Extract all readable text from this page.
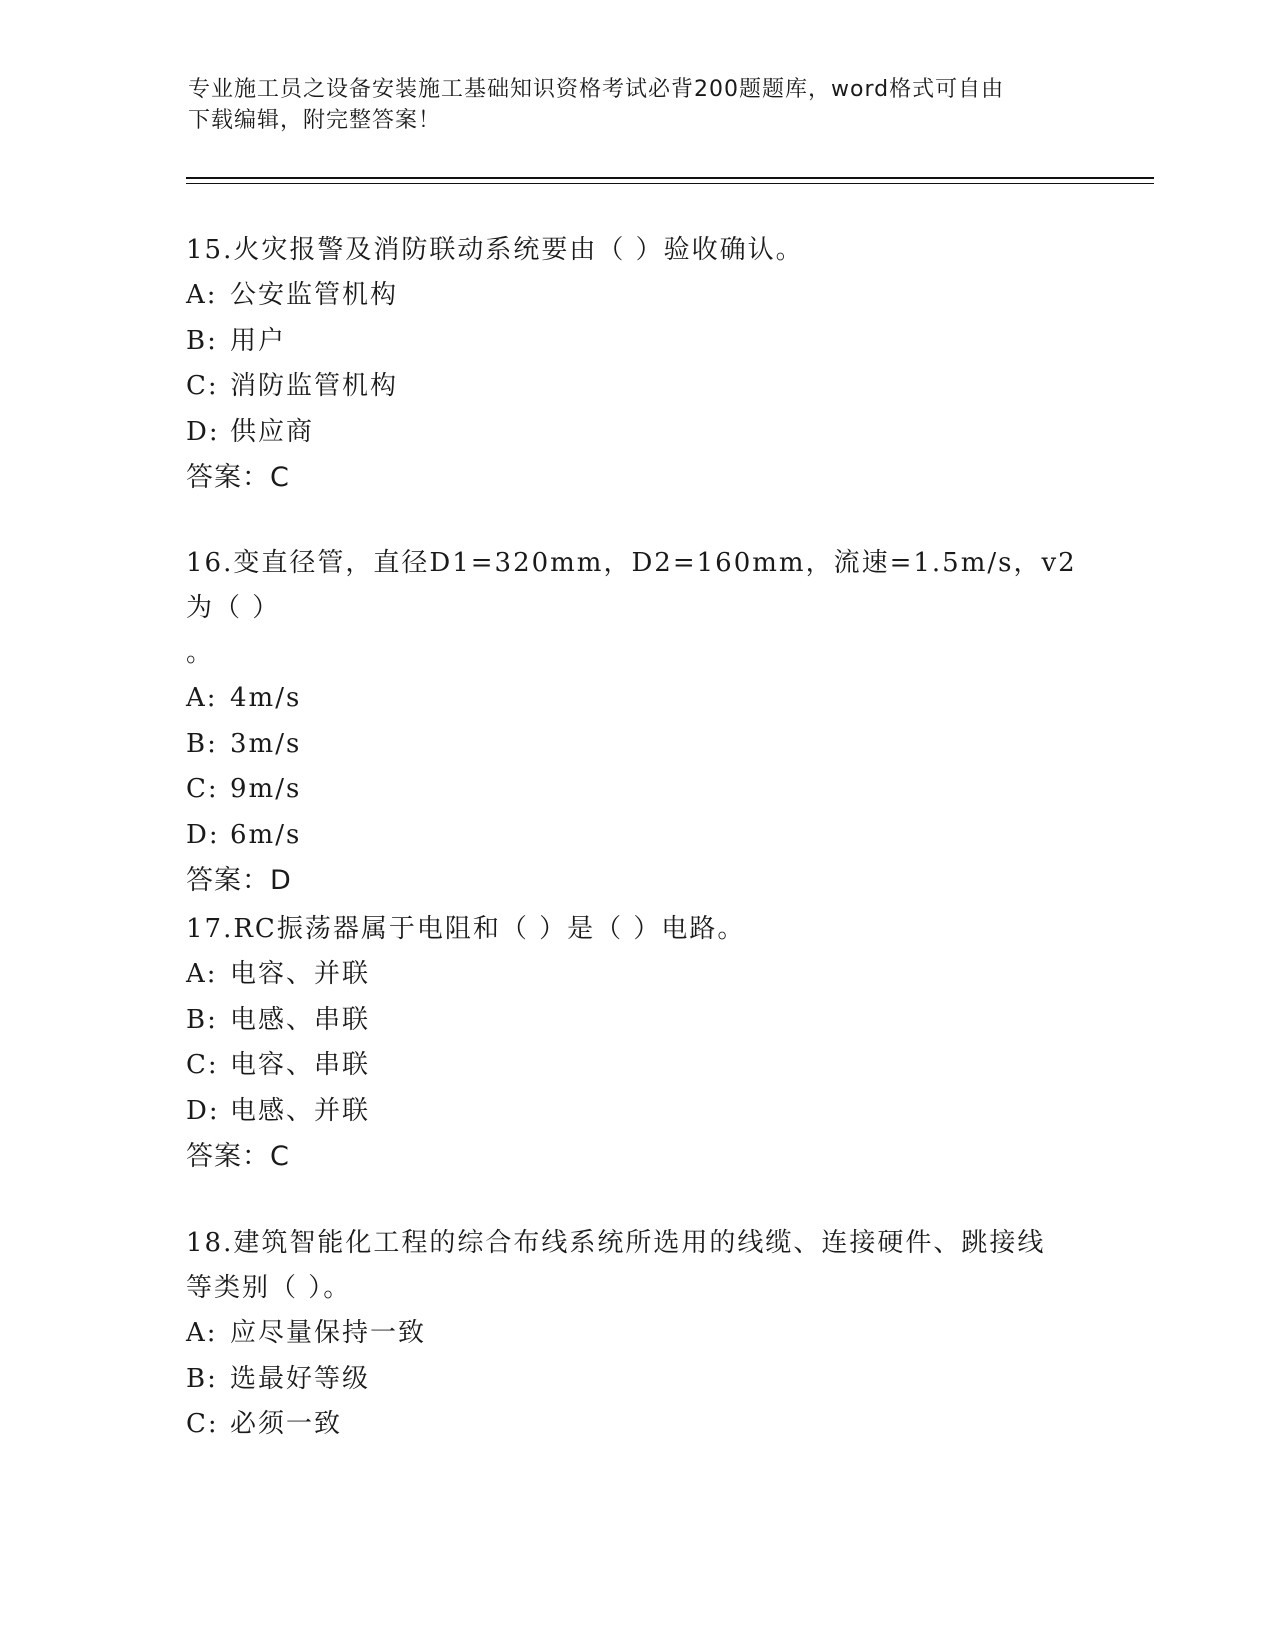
专业施工员之设备安装施工基础知识资格考试必背200题题库，word格式可自由
下载编辑，附完整答案！

15.火灾报警及消防联动系统要由（ ）验收确认。

A: 公安监管机构

B: 用户

C: 消防监管机构

D: 供应商

答案：C

16.变直径管，直径D1=320mm，D2=160mm，流速=1.5m/s，v2为（ ）

。

A: 4m/s

B: 3m/s

C: 9m/s

D: 6m/s

答案：D

17.RC振荡器属于电阻和（ ）是（ ）电路。

A: 电容、并联

B: 电感、串联

C: 电容、串联

D: 电感、并联

答案：C

18.建筑智能化工程的综合布线系统所选用的线缆、连接硬件、跳接线

等类别（ ）。

A: 应尽量保持一致

B: 选最好等级

C: 必须一致
